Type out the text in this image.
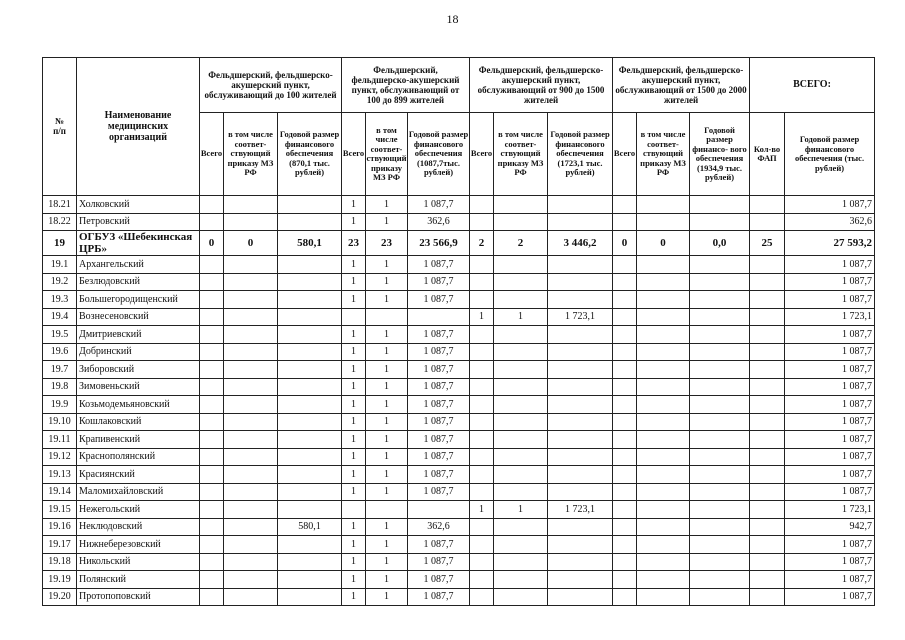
18
№
п/п	Наименование медицинских организаций	Фельдшерский, фельдшерско-акушерский пункт, обслуживающий до 100 жителей			Фельдшерский, фельдшерско-акушерский пункт, обслуживающий от 100 до 899 жителей			Фельдшерский, фельдшерско-акушерский пункт, обслуживающий от 900 до 1500 жителей			Фельдшерский, фельдшерско-акушерский пункт, обслуживающий от 1500 до 2000 жителей			ВСЕГО:	
		Всего	в том числе соответ- ствующий приказу МЗ РФ	Годовой размер финансового обеспечения (870,1 тыс. рублей)	Всего	в том числе соответ- ствующий приказу МЗ РФ	Годовой размер финансового обеспечения (1087,7тыс. рублей)	Всего	в том числе соответ- ствующий приказу МЗ РФ	Годовой размер финансового обеспечения (1723,1 тыс. рублей)	Всего	в том числе соответ- ствующий приказу МЗ РФ	Годовой размер финансо- вого обеспечения (1934,9 тыс. рублей)	Кол-во ФАП	Годовой размер финансового обеспечения (тыс. рублей)
18.21	Холковский				1	1	1 087,7								1 087,7
18.22	Петровский				1	1	362,6								362,6
19	ОГБУЗ «Шебекинская ЦРБ»	0	0	580,1	23	23	23 566,9	2	2	3 446,2	0	0	0,0	25	27 593,2
19.1	Архангельский				1	1	1 087,7								1 087,7
19.2	Безлюдовский				1	1	1 087,7								1 087,7
19.3	Большегородищенский				1	1	1 087,7								1 087,7
19.4	Вознесеновский							1	1	1 723,1					1 723,1
19.5	Дмитриевский				1	1	1 087,7								1 087,7
19.6	Добринский				1	1	1 087,7								1 087,7
19.7	Зиборовский				1	1	1 087,7								1 087,7
19.8	Зимовеньский				1	1	1 087,7								1 087,7
19.9	Козьмодемьяновский				1	1	1 087,7								1 087,7
19.10	Кошлаковский				1	1	1 087,7								1 087,7
19.11	Крапивенский				1	1	1 087,7								1 087,7
19.12	Краснополянский				1	1	1 087,7								1 087,7
19.13	Красиянский				1	1	1 087,7								1 087,7
19.14	Маломихайловский				1	1	1 087,7								1 087,7
19.15	Нежегольский							1	1	1 723,1					1 723,1
19.16	Неклюдовский			580,1	1	1	362,6								942,7
19.17	Нижнеберезовский				1	1	1 087,7								1 087,7
19.18	Никольский				1	1	1 087,7								1 087,7
19.19	Полянский				1	1	1 087,7								1 087,7
19.20	Протопоповский				1	1	1 087,7								1 087,7
